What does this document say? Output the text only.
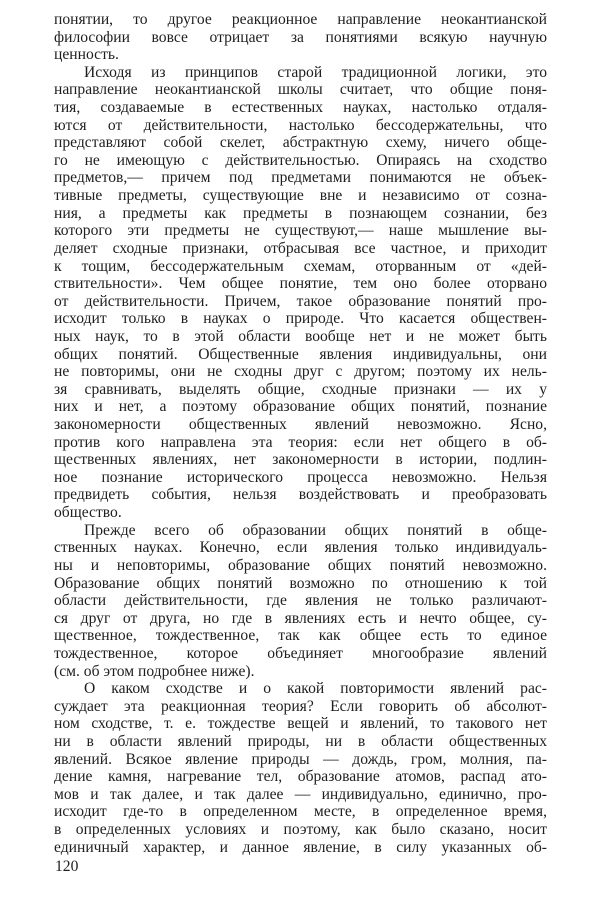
понятии, то другое реакционное направление неокантианской
философии вовсе отрицает за понятиями всякую научную
ценность.
Исходя из принципов старой традиционной логики, это
направление неокантианской школы считает, что общие поня-
тия, создаваемые в естественных науках, настолько отдаля-
ются от действительности, настолько бессодержательны, что
представляют собой скелет, абстрактную схему, ничего обще-
го не имеющую с действительностью. Опираясь на сходство
предметов,— причем под предметами понимаются не объек-
тивные предметы, существующие вне и независимо от созна-
ния, а предметы как предметы в познающем сознании, без
которого эти предметы не существуют,— наше мышление вы-
деляет сходные признаки, отбрасывая все частное, и приходит
к тощим, бессодержательным схемам, оторванным от «дей-
ствительности». Чем общее понятие, тем оно более оторвано
от действительности. Причем, такое образование понятий про-
исходит только в науках о природе. Что касается обществен-
ных наук, то в этой области вообще нет и не может быть
общих понятий. Общественные явления индивидуальны, они
не повторимы, они не сходны друг с другом; поэтому их нель-
зя сравнивать, выделять общие, сходные признаки — их у
них и нет, а поэтому образование общих понятий, познание
закономерности общественных явлений невозможно. Ясно,
против кого направлена эта теория: если нет общего в об-
щественных явлениях, нет закономерности в истории, подлин-
ное познание исторического процесса невозможно. Нельзя
предвидеть события, нельзя воздействовать и преобразовать
общество.
Прежде всего об образовании общих понятий в обще-
ственных науках. Конечно, если явления только индивидуаль-
ны и неповторимы, образование общих понятий невозможно.
Образование общих понятий возможно по отношению к той
области действительности, где явления не только различают-
ся друг от друга, но где в явлениях есть и нечто общее, су-
щественное, тождественное, так как общее есть то единое
тождественное, которое объединяет многообразие явлений
(см. об этом подробнее ниже).
О каком сходстве и о какой повторимости явлений рас-
суждает эта реакционная теория? Если говорить об абсолют-
ном сходстве, т. е. тождестве вещей и явлений, то такового нет
ни в области явлений природы, ни в области общественных
явлений. Всякое явление природы — дождь, гром, молния, па-
дение камня, нагревание тел, образование атомов, распад ато-
мов и так далее, и так далее — индивидуально, единично, про-
исходит где-то в определенном месте, в определенное время,
в определенных условиях и поэтому, как было сказано, носит
единичный характер, и данное явление, в силу указанных об-
120
